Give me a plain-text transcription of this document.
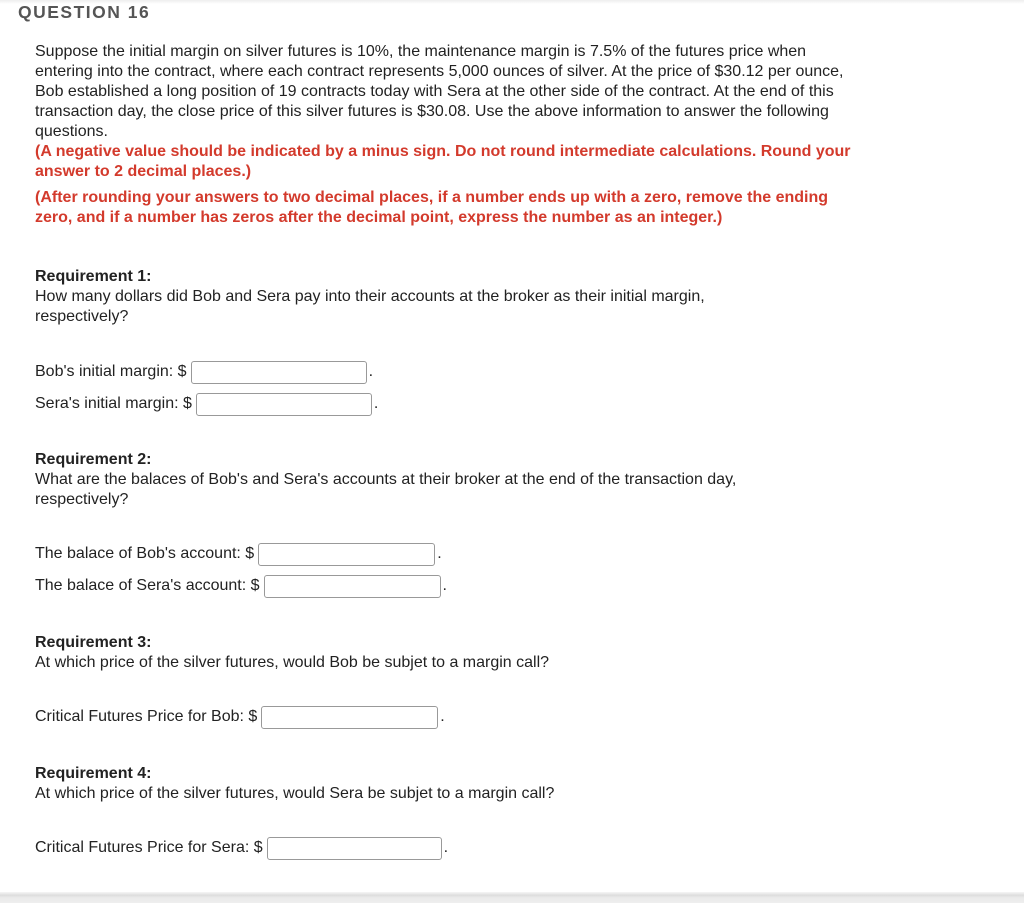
QUESTION 16

Suppose the initial margin on silver futures is 10%, the maintenance margin is 7.5% of the futures price when entering into the contract, where each contract represents 5,000 ounces of silver. At the price of $30.12 per ounce, Bob established a long position of 19 contracts today with Sera at the other side of the contract. At the end of this transaction day, the close price of this silver futures is $30.08. Use the above information to answer the following questions.

(A negative value should be indicated by a minus sign. Do not round intermediate calculations. Round your answer to 2 decimal places.)

(After rounding your answers to two decimal places, if a number ends up with a zero, remove the ending zero, and if a number has zeros after the decimal point, express the number as an integer.)

Requirement 1:
How many dollars did Bob and Sera pay into their accounts at the broker as their initial margin, respectively?
Bob's initial margin: $	.
Sera's initial margin: $	.
Requirement 2:
What are the balaces of Bob's and Sera's accounts at their broker at the end of the transaction day, respectively?
The balace of Bob's account: $	.
The balace of Sera's account: $	.
Requirement 3:
At which price of the silver futures, would Bob be subjet to a margin call?
Critical Futures Price for Bob: $	.
Requirement 4:
At which price of the silver futures, would Sera be subjet to a margin call?
Critical Futures Price for Sera: $	.
